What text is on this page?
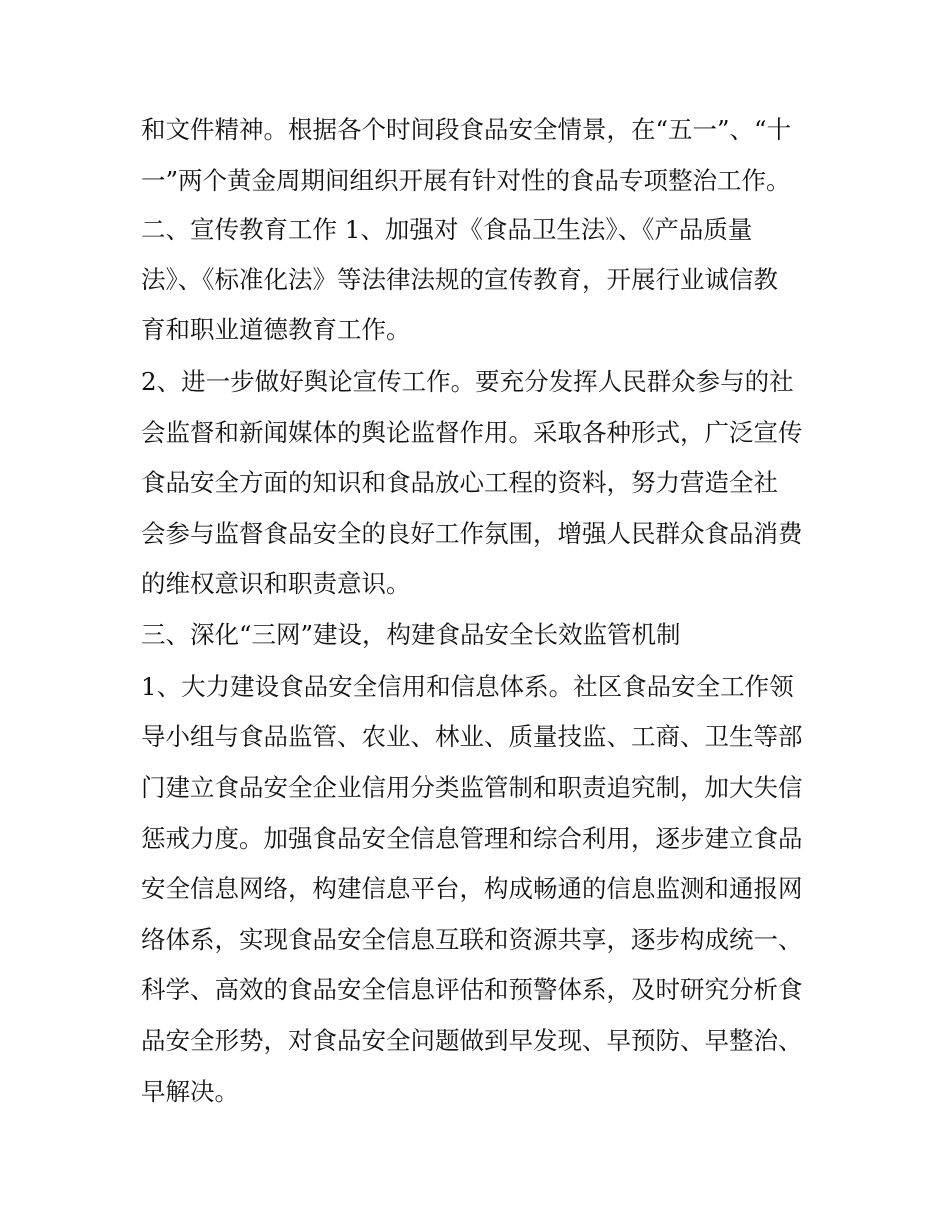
和文件精神。根据各个时间段食品安全情景，在“五一”、“十

一”两个黄金周期间组织开展有针对性的食品专项整治工作。

二、宣传教育工作 1、加强对《食品卫生法》、《产品质量

法》、《标准化法》等法律法规的宣传教育，开展行业诚信教

育和职业道德教育工作。

2、进一步做好舆论宣传工作。要充分发挥人民群众参与的社

会监督和新闻媒体的舆论监督作用。采取各种形式，广泛宣传

食品安全方面的知识和食品放心工程的资料，努力营造全社

会参与监督食品安全的良好工作氛围，增强人民群众食品消费

的维权意识和职责意识。

三、深化“三网”建设，构建食品安全长效监管机制

1、大力建设食品安全信用和信息体系。社区食品安全工作领

导小组与食品监管、农业、林业、质量技监、工商、卫生等部

门建立食品安全企业信用分类监管制和职责追究制，加大失信

惩戒力度。加强食品安全信息管理和综合利用，逐步建立食品

安全信息网络，构建信息平台，构成畅通的信息监测和通报网

络体系，实现食品安全信息互联和资源共享，逐步构成统一、

科学、高效的食品安全信息评估和预警体系，及时研究分析食

品安全形势，对食品安全问题做到早发现、早预防、早整治、

早解决。
